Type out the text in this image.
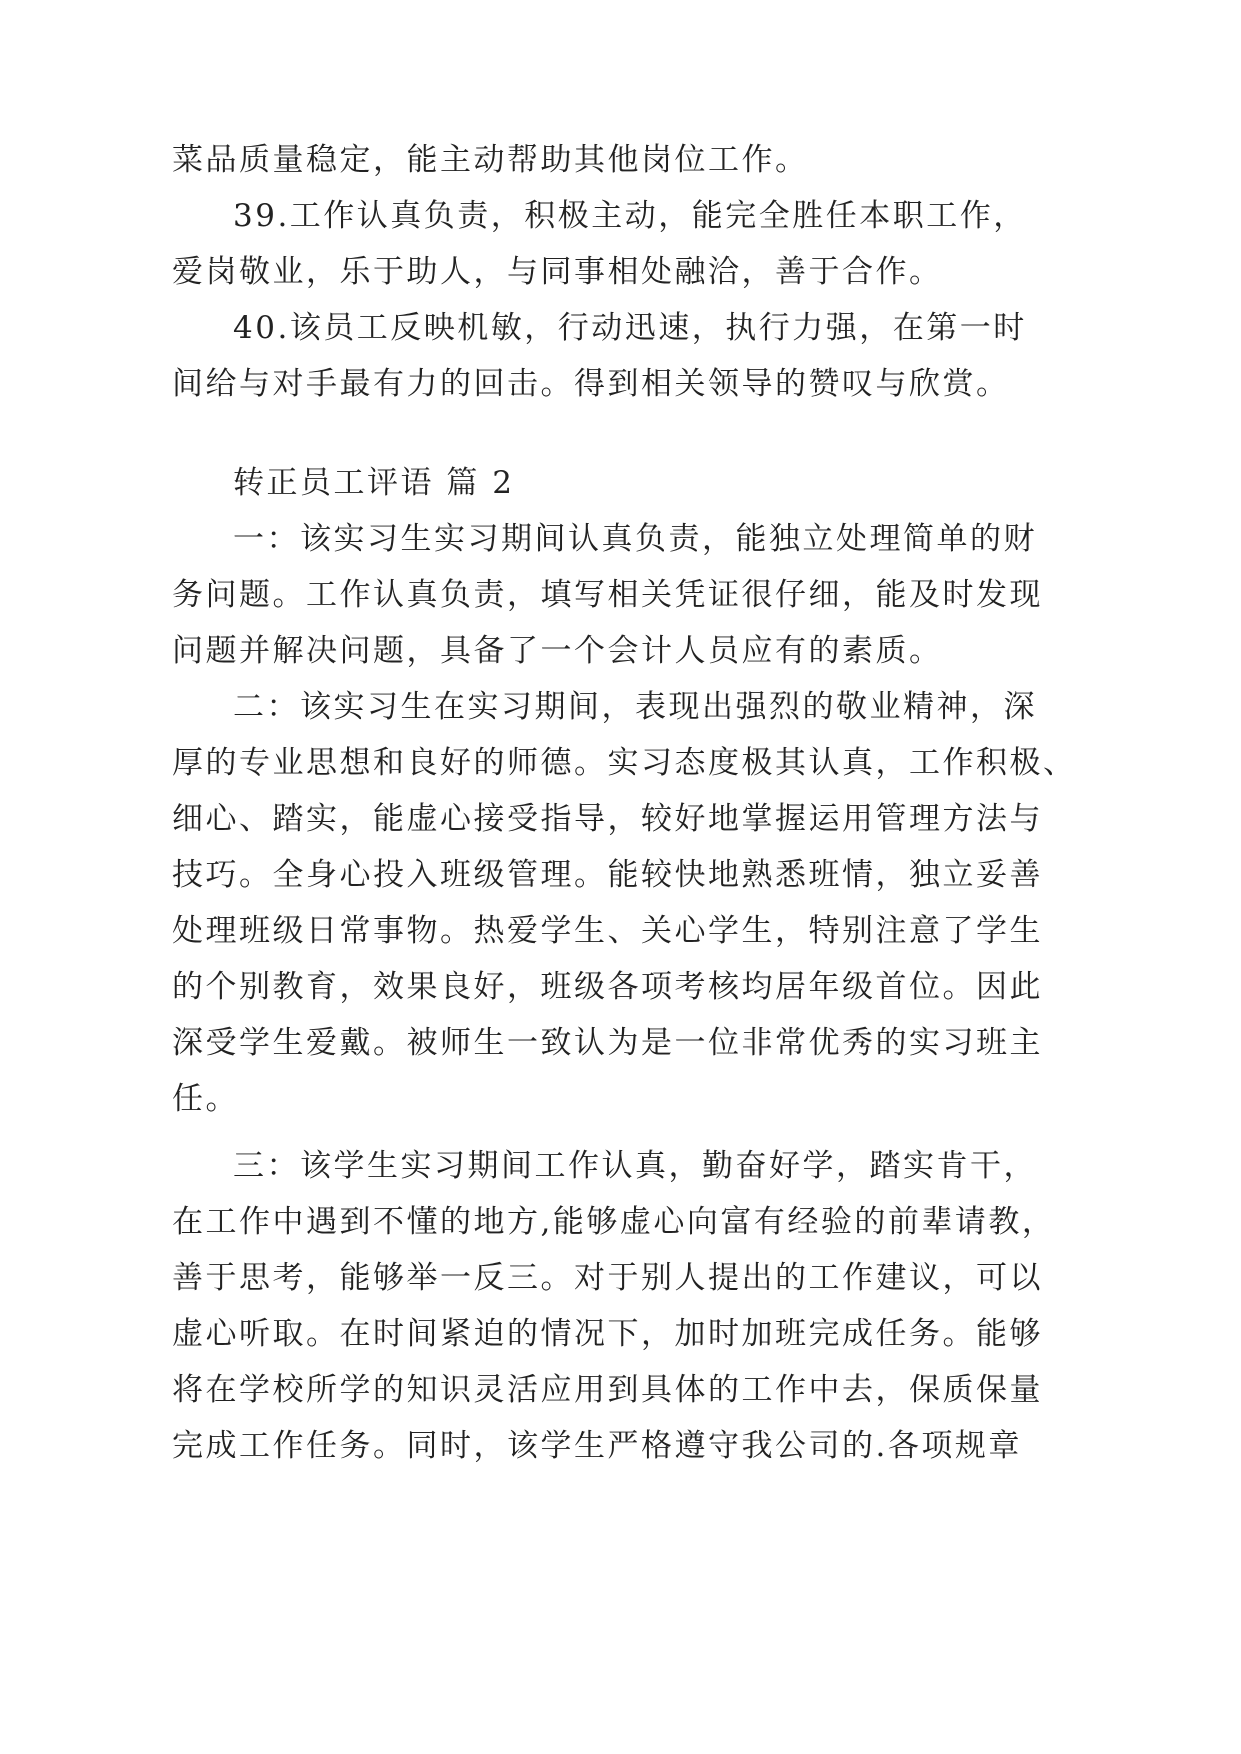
菜品质量稳定，能主动帮助其他岗位工作。
39.工作认真负责，积极主动，能完全胜任本职工作，
爱岗敬业，乐于助人，与同事相处融洽，善于合作。
40.该员工反映机敏，行动迅速，执行力强，在第一时
间给与对手最有力的回击。得到相关领导的赞叹与欣赏。
转正员工评语 篇 2
一：该实习生实习期间认真负责，能独立处理简单的财
务问题。工作认真负责，填写相关凭证很仔细，能及时发现
问题并解决问题，具备了一个会计人员应有的素质。
二：该实习生在实习期间，表现出强烈的敬业精神，深
厚的专业思想和良好的师德。实习态度极其认真，工作积极、
细心、踏实，能虚心接受指导，较好地掌握运用管理方法与
技巧。全身心投入班级管理。能较快地熟悉班情，独立妥善
处理班级日常事物。热爱学生、关心学生，特别注意了学生
的个别教育，效果良好，班级各项考核均居年级首位。因此
深受学生爱戴。被师生一致认为是一位非常优秀的实习班主
任。
三：该学生实习期间工作认真，勤奋好学，踏实肯干，
在工作中遇到不懂的地方,能够虚心向富有经验的前辈请教，
善于思考，能够举一反三。对于别人提出的工作建议，可以
虚心听取。在时间紧迫的情况下，加时加班完成任务。能够
将在学校所学的知识灵活应用到具体的工作中去，保质保量
完成工作任务。同时，该学生严格遵守我公司的.各项规章
